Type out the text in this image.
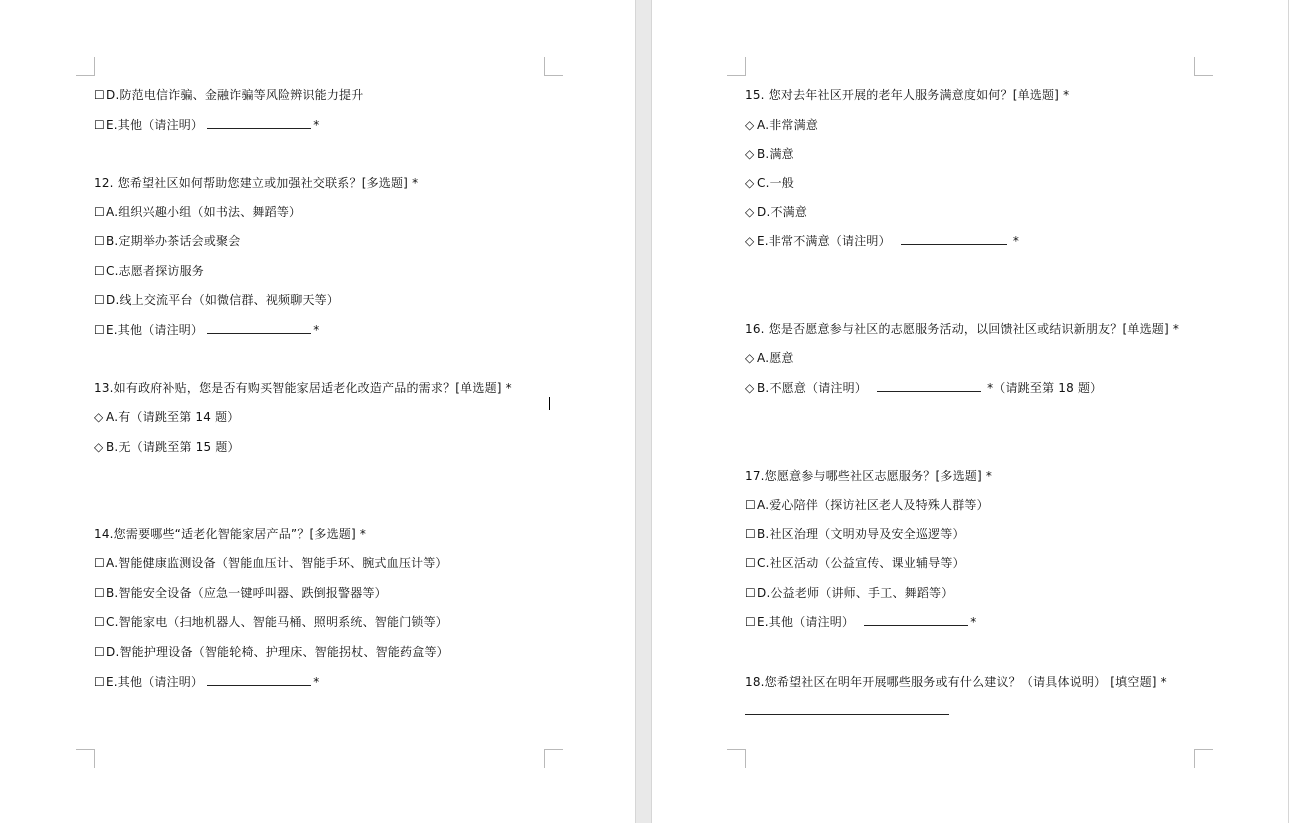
☐D.防范电信诈骗、金融诈骗等风险辨识能力提升
☐E.其他（请注明）	*
12. 您希望社区如何帮助您建立或加强社交联系？[多选题] *
☐A.组织兴趣小组（如书法、舞蹈等）
☐B.定期举办茶话会或聚会
☐C.志愿者探访服务
☐D.线上交流平台（如微信群、视频聊天等）
☐E.其他（请注明）	*
13.如有政府补贴，您是否有购买智能家居适老化改造产品的需求？[单选题] *
◇ A.有（请跳至第 14 题）
◇ B.无（请跳至第 15 题）
14.您需要哪些“适老化智能家居产品”？[多选题] *
☐A.智能健康监测设备（智能血压计、智能手环、腕式血压计等）
☐B.智能安全设备（应急一键呼叫器、跌倒报警器等）
☐C.智能家电（扫地机器人、智能马桶、照明系统、智能门锁等）
☐D.智能护理设备（智能轮椅、护理床、智能拐杖、智能药盒等）
☐E.其他（请注明）	*
15. 您对去年社区开展的老年人服务满意度如何？[单选题] *
◇ A.非常满意
◇ B.满意
◇ C.一般
◇ D.不满意
◇ E.非常不满意（请注明）	*
16. 您是否愿意参与社区的志愿服务活动，以回馈社区或结识新朋友？[单选题] *
◇ A.愿意
◇ B.不愿意（请注明）	*（请跳至第 18 题）
17.您愿意参与哪些社区志愿服务？[多选题] *
☐A.爱心陪伴（探访社区老人及特殊人群等）
☐B.社区治理（文明劝导及安全巡逻等）
☐C.社区活动（公益宣传、课业辅导等）
☐D.公益老师（讲师、手工、舞蹈等）
☐E.其他（请注明）	*
18.您希望社区在明年开展哪些服务或有什么建议？（请具体说明） [填空题] *
